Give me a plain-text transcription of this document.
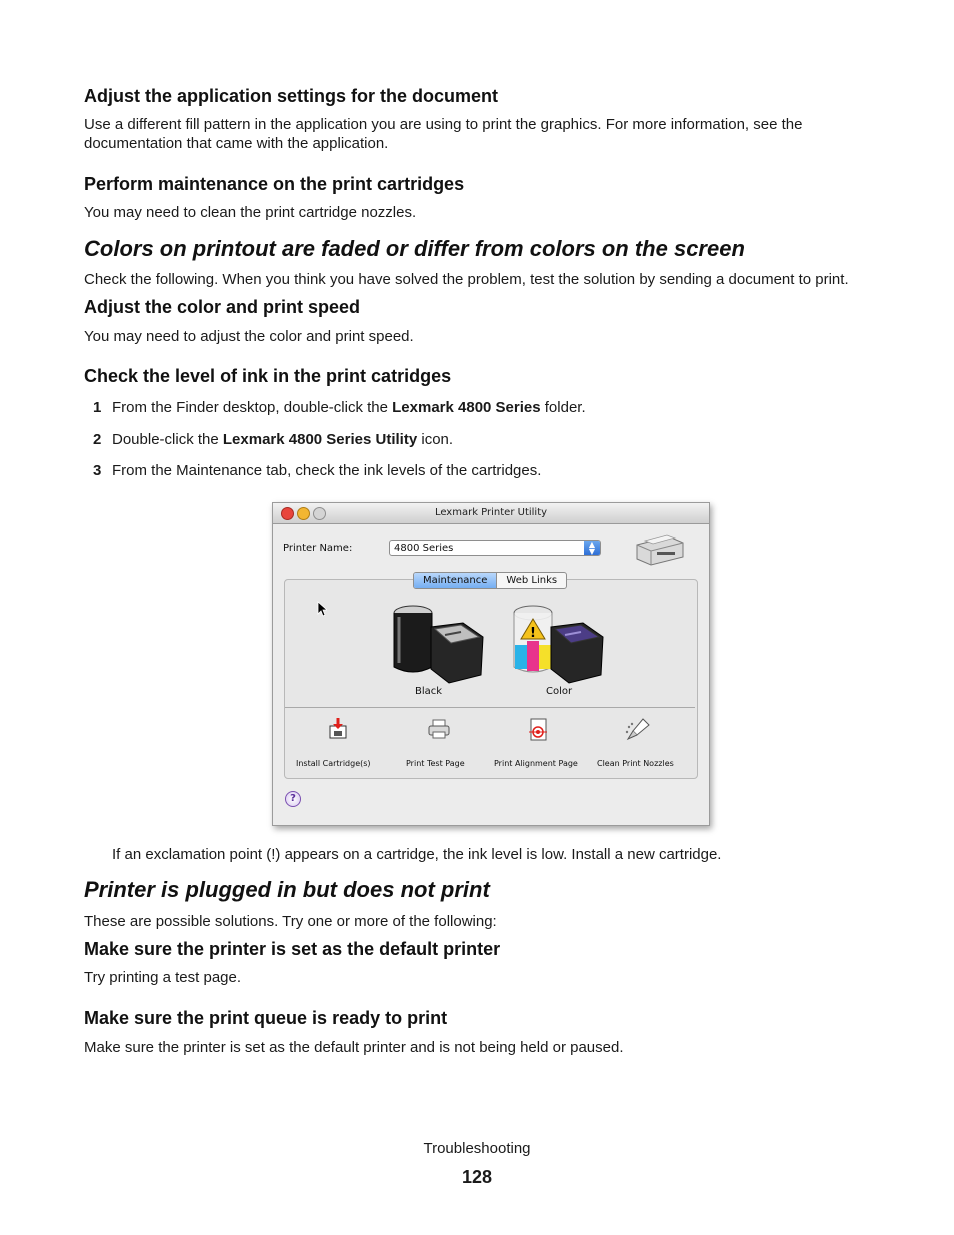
Adjust the application settings for the document

Use a different fill pattern in the application you are using to print the graphics. For more information, see the documentation that came with the application.

Perform maintenance on the print cartridges

You may need to clean the print cartridge nozzles.

Colors on printout are faded or differ from colors on the screen

Check the following. When you think you have solved the problem, test the solution by sending a document to print.

Adjust the color and print speed

You may need to adjust the color and print speed.

Check the level of ink in the print catridges
1 From the Finder desktop, double-click the Lexmark 4800 Series folder.
2 Double-click the Lexmark 4800 Series Utility icon.
3 From the Maintenance tab, check the ink levels of the cartridges.
Lexmark Printer Utility
Printer Name:	4800 Series	▲
▼
Maintenance	Web Links
Black
!
Color
Install Cartridge(s)	Print Test Page	Print Alignment Page Clean Print Nozzles
?

If an exclamation point (!) appears on a cartridge, the ink level is low. Install a new cartridge.

Printer is plugged in but does not print

These are possible solutions. Try one or more of the following:

Make sure the printer is set as the default printer

Try printing a test page.

Make sure the print queue is ready to print

Make sure the printer is set as the default printer and is not being held or paused.

Troubleshooting
128
